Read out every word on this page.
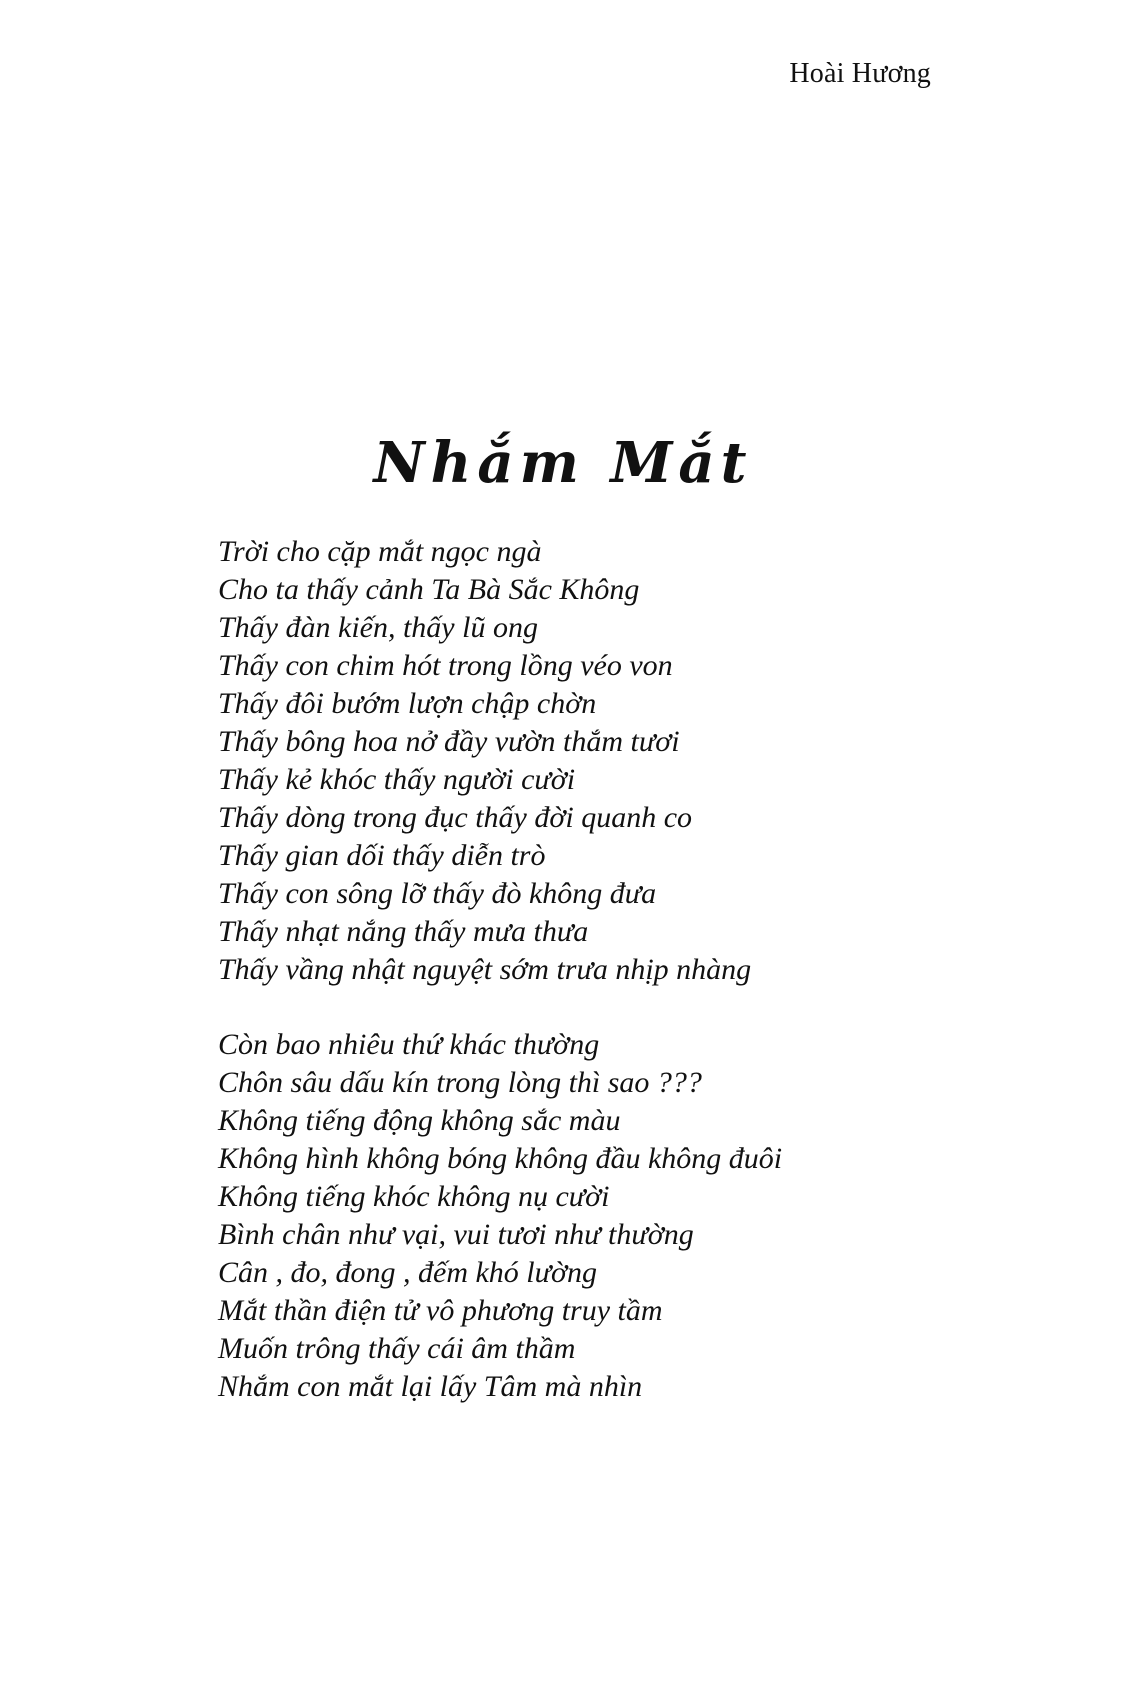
Hoài Hương
Nhắm Mắt
Trời cho cặp mắt ngọc ngà
Cho ta thấy cảnh Ta Bà Sắc Không
Thấy đàn kiến, thấy lũ ong
Thấy con chim hót trong lồng véo von
Thấy đôi bướm lượn chập chờn
Thấy bông hoa nở đầy vườn thắm tươi
Thấy kẻ khóc thấy người cười
Thấy dòng trong đục thấy đời quanh co
Thấy gian dối thấy diễn trò
Thấy con sông lỡ thấy đò không đưa
Thấy nhạt nắng thấy mưa thưa
Thấy vầng nhật nguyệt sớm trưa nhịp nhàng
Còn bao nhiêu thứ khác thường
Chôn sâu dấu kín trong lòng thì sao ???
Không tiếng động không sắc màu
Không hình không bóng không đầu không đuôi
Không tiếng khóc không nụ cười
Bình chân như vại, vui tươi như thường
Cân , đo, đong , đếm khó lường
Mắt thần điện tử vô phương truy tầm
Muốn trông thấy cái âm thầm
Nhắm con mắt lại lấy Tâm mà nhìn
